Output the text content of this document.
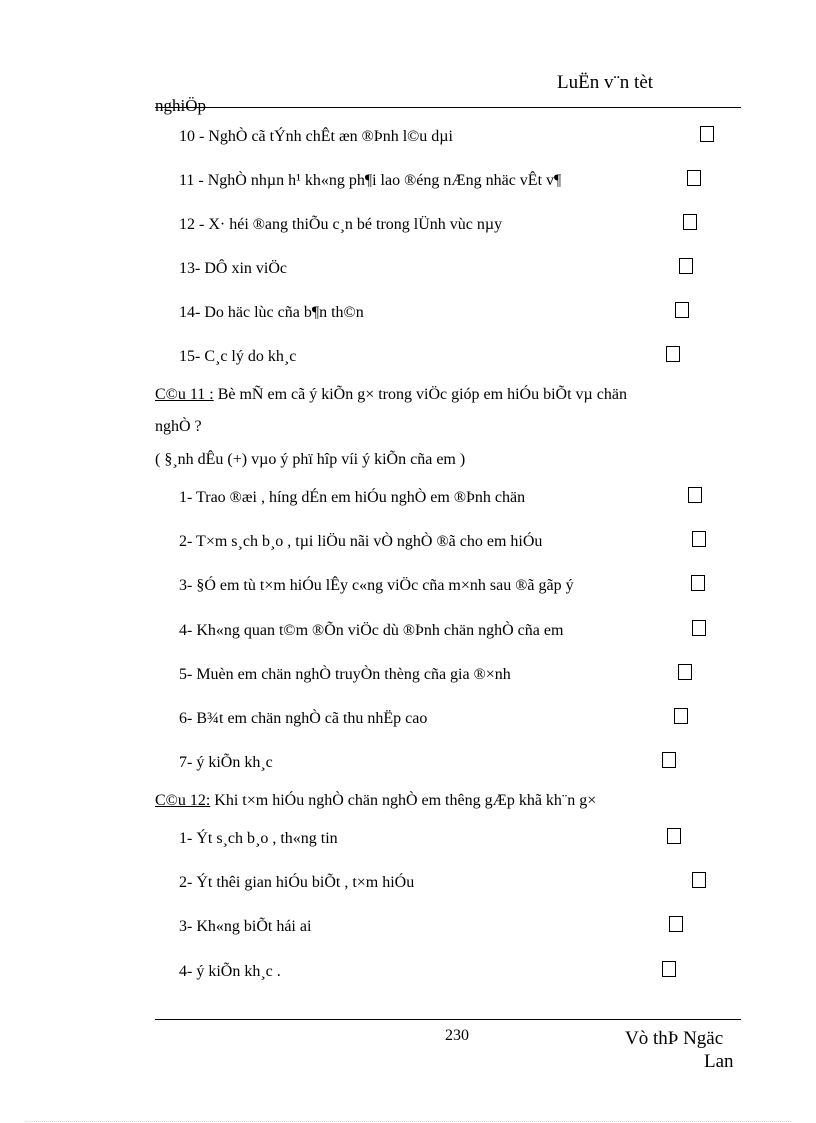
LuËn v¨n tèt
nghiÖp
10 - NghÒ cã tÝnh chÊt æn ®Þnh l©u dµi
11 - NghÒ nhµn h¹ kh«ng ph¶i lao ®éng nÆng nhäc vÊt v¶
12 - X· héi ®ang thiÕu c¸n bé trong lÜnh vùc nµy
13- DÔ xin viÖc
14- Do häc lùc cña b¶n th©n
15- C¸c lý do kh¸c
C©u 11 : Bè mÑ em cã ý kiÕn g× trong viÖc gióp em hiÓu biÕt vµ chän
nghÒ ?
( §¸nh dÊu (+) vµo ý phï hîp víi ý kiÕn cña em )
1- Trao ®æi , híng dÉn em hiÓu nghÒ em ®Þnh chän
2- T×m s¸ch b¸o , tµi liÖu nãi vÒ nghÒ ®ã cho em hiÓu
3- §Ó em tù t×m hiÓu lÊy c«ng viÖc cña m×nh sau ®ã gãp ý
4- Kh«ng quan t©m ®Õn viÖc dù ®Þnh chän nghÒ cña em
5- Muèn em chän nghÒ truyÒn thèng cña gia ®×nh
6- B¾t em chän nghÒ cã thu nhËp cao
7- ý kiÕn kh¸c
C©u 12: Khi t×m hiÓu nghÒ chän nghÒ em thêng gÆp khã kh¨n g×
1- Ýt s¸ch b¸o , th«ng tin
2- Ýt thêi gian hiÓu biÕt , t×m hiÓu
3- Kh«ng biÕt hái ai
4- ý kiÕn kh¸c .
230	Vò thÞ Ngäc
Lan
